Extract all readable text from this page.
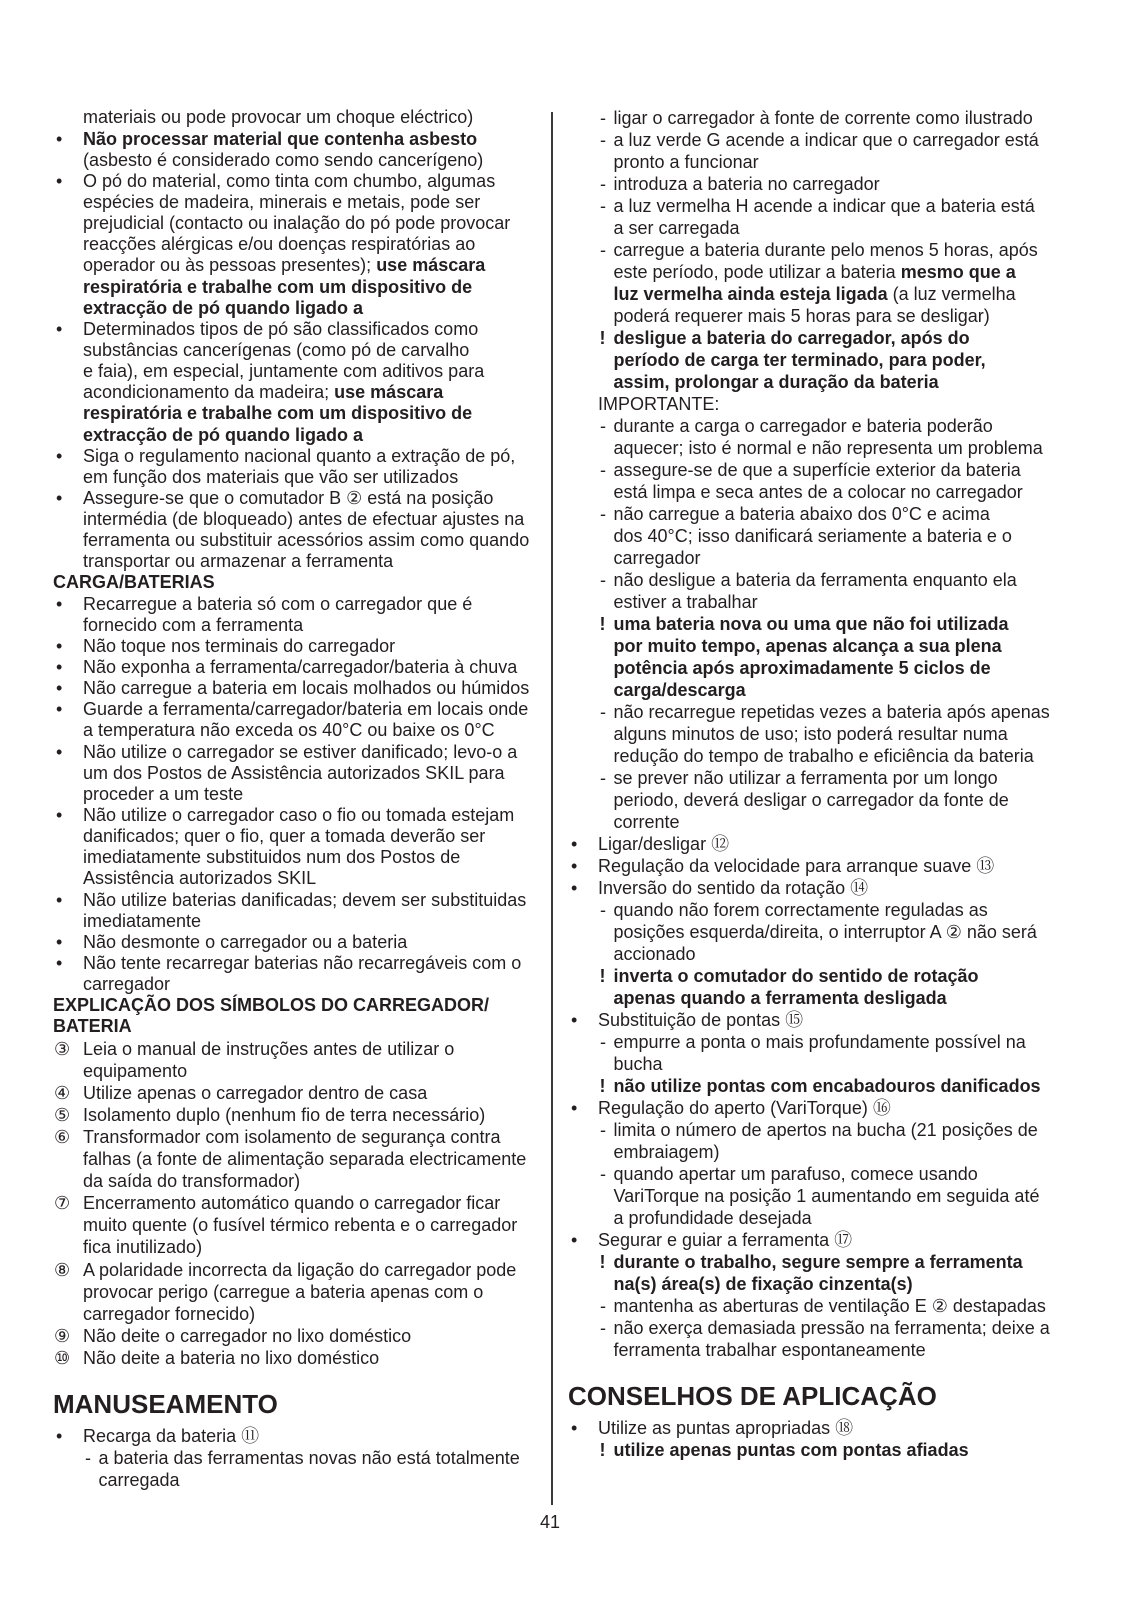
materiais ou pode provocar um choque eléctrico)
• Não processar material que contenha asbesto
(asbesto é considerado como sendo cancerígeno)
• O pó do material, como tinta com chumbo, algumas
espécies de madeira, minerais e metais, pode ser
prejudicial (contacto ou inalação do pó pode provocar
reacções alérgicas e/ou doenças respiratórias ao
operador ou às pessoas presentes); use máscara
respiratória e trabalhe com um dispositivo de
extracção de pó quando ligado a
• Determinados tipos de pó são classificados como
substâncias cancerígenas (como pó de carvalho
e faia), em especial, juntamente com aditivos para
acondicionamento da madeira; use máscara
respiratória e trabalhe com um dispositivo de
extracção de pó quando ligado a
• Siga o regulamento nacional quanto a extração de pó,
em função dos materiais que vão ser utilizados
• Assegure-se que o comutador B ② está na posição
intermédia (de bloqueado) antes de efectuar ajustes na
ferramenta ou substituir acessórios assim como quando
transportar ou armazenar a ferramenta
CARGA/BATERIAS
• Recarregue a bateria só com o carregador que é
fornecido com a ferramenta
• Não toque nos terminais do carregador
• Não exponha a ferramenta/carregador/bateria à chuva
• Não carregue a bateria em locais molhados ou húmidos
• Guarde a ferramenta/carregador/bateria em locais onde
a temperatura não exceda os 40°C ou baixe os 0°C
• Não utilize o carregador se estiver danificado; levo-o a
um dos Postos de Assistência autorizados SKIL para
proceder a um teste
• Não utilize o carregador caso o fio ou tomada estejam
danificados; quer o fio, quer a tomada deverão ser
imediatamente substituidos num dos Postos de
Assistência autorizados SKIL
• Não utilize baterias danificadas; devem ser substituidas
imediatamente
• Não desmonte o carregador ou a bateria
• Não tente recarregar baterias não recarregáveis com o
carregador
EXPLICAÇÃO DOS SÍMBOLOS DO CARREGADOR/
BATERIA
③ Leia o manual de instruções antes de utilizar o
equipamento
④ Utilize apenas o carregador dentro de casa
⑤ Isolamento duplo (nenhum fio de terra necessário)
⑥ Transformador com isolamento de segurança contra
falhas (a fonte de alimentação separada electricamente
da saída do transformador)
⑦ Encerramento automático quando o carregador ficar
muito quente (o fusível térmico rebenta e o carregador
fica inutilizado)
⑧ A polaridade incorrecta da ligação do carregador pode
provocar perigo (carregue a bateria apenas com o
carregador fornecido)
⑨ Não deite o carregador no lixo doméstico
⑩ Não deite a bateria no lixo doméstico
MANUSEAMENTO
• Recarga da bateria ⑪
- a bateria das ferramentas novas não está totalmente
carregada
- ligar o carregador à fonte de corrente como ilustrado
- a luz verde G acende a indicar que o carregador está
pronto a funcionar
- introduza a bateria no carregador
- a luz vermelha H acende a indicar que a bateria está
a ser carregada
- carregue a bateria durante pelo menos 5 horas, após
este período, pode utilizar a bateria mesmo que a
luz vermelha ainda esteja ligada (a luz vermelha
poderá requerer mais 5 horas para se desligar)
! desligue a bateria do carregador, após do
período de carga ter terminado, para poder,
assim, prolongar a duração da bateria
IMPORTANTE:
- durante a carga o carregador e bateria poderão
aquecer; isto é normal e não representa um problema
- assegure-se de que a superfície exterior da bateria
está limpa e seca antes de a colocar no carregador
- não carregue a bateria abaixo dos 0°C e acima
dos 40°C; isso danificará seriamente a bateria e o
carregador
- não desligue a bateria da ferramenta enquanto ela
estiver a trabalhar
! uma bateria nova ou uma que não foi utilizada
por muito tempo, apenas alcança a sua plena
potência após aproximadamente 5 ciclos de
carga/descarga
- não recarregue repetidas vezes a bateria após apenas
alguns minutos de uso; isto poderá resultar numa
redução do tempo de trabalho e eficiência da bateria
- se prever não utilizar a ferramenta por um longo
periodo, deverá desligar o carregador da fonte de
corrente
• Ligar/desligar ⑫
• Regulação da velocidade para arranque suave ⑬
• Inversão do sentido da rotação ⑭
- quando não forem correctamente reguladas as
posições esquerda/direita, o interruptor A ② não será
accionado
! inverta o comutador do sentido de rotação
apenas quando a ferramenta desligada
• Substituição de pontas ⑮
- empurre a ponta o mais profundamente possível na
bucha
! não utilize pontas com encabadouros danificados
• Regulação do aperto (VariTorque) ⑯
- limita o número de apertos na bucha (21 posições de
embraiagem)
- quando apertar um parafuso, comece usando
VariTorque na posição 1 aumentando em seguida até
a profundidade desejada
• Segurar e guiar a ferramenta ⑰
! durante o trabalho, segure sempre a ferramenta
na(s) área(s) de fixação cinzenta(s)
- mantenha as aberturas de ventilação E ② destapadas
- não exerça demasiada pressão na ferramenta; deixe a
ferramenta trabalhar espontaneamente
CONSELHOS DE APLICAÇÃO
• Utilize as puntas apropriadas ⑱
! utilize apenas puntas com pontas afiadas
41
